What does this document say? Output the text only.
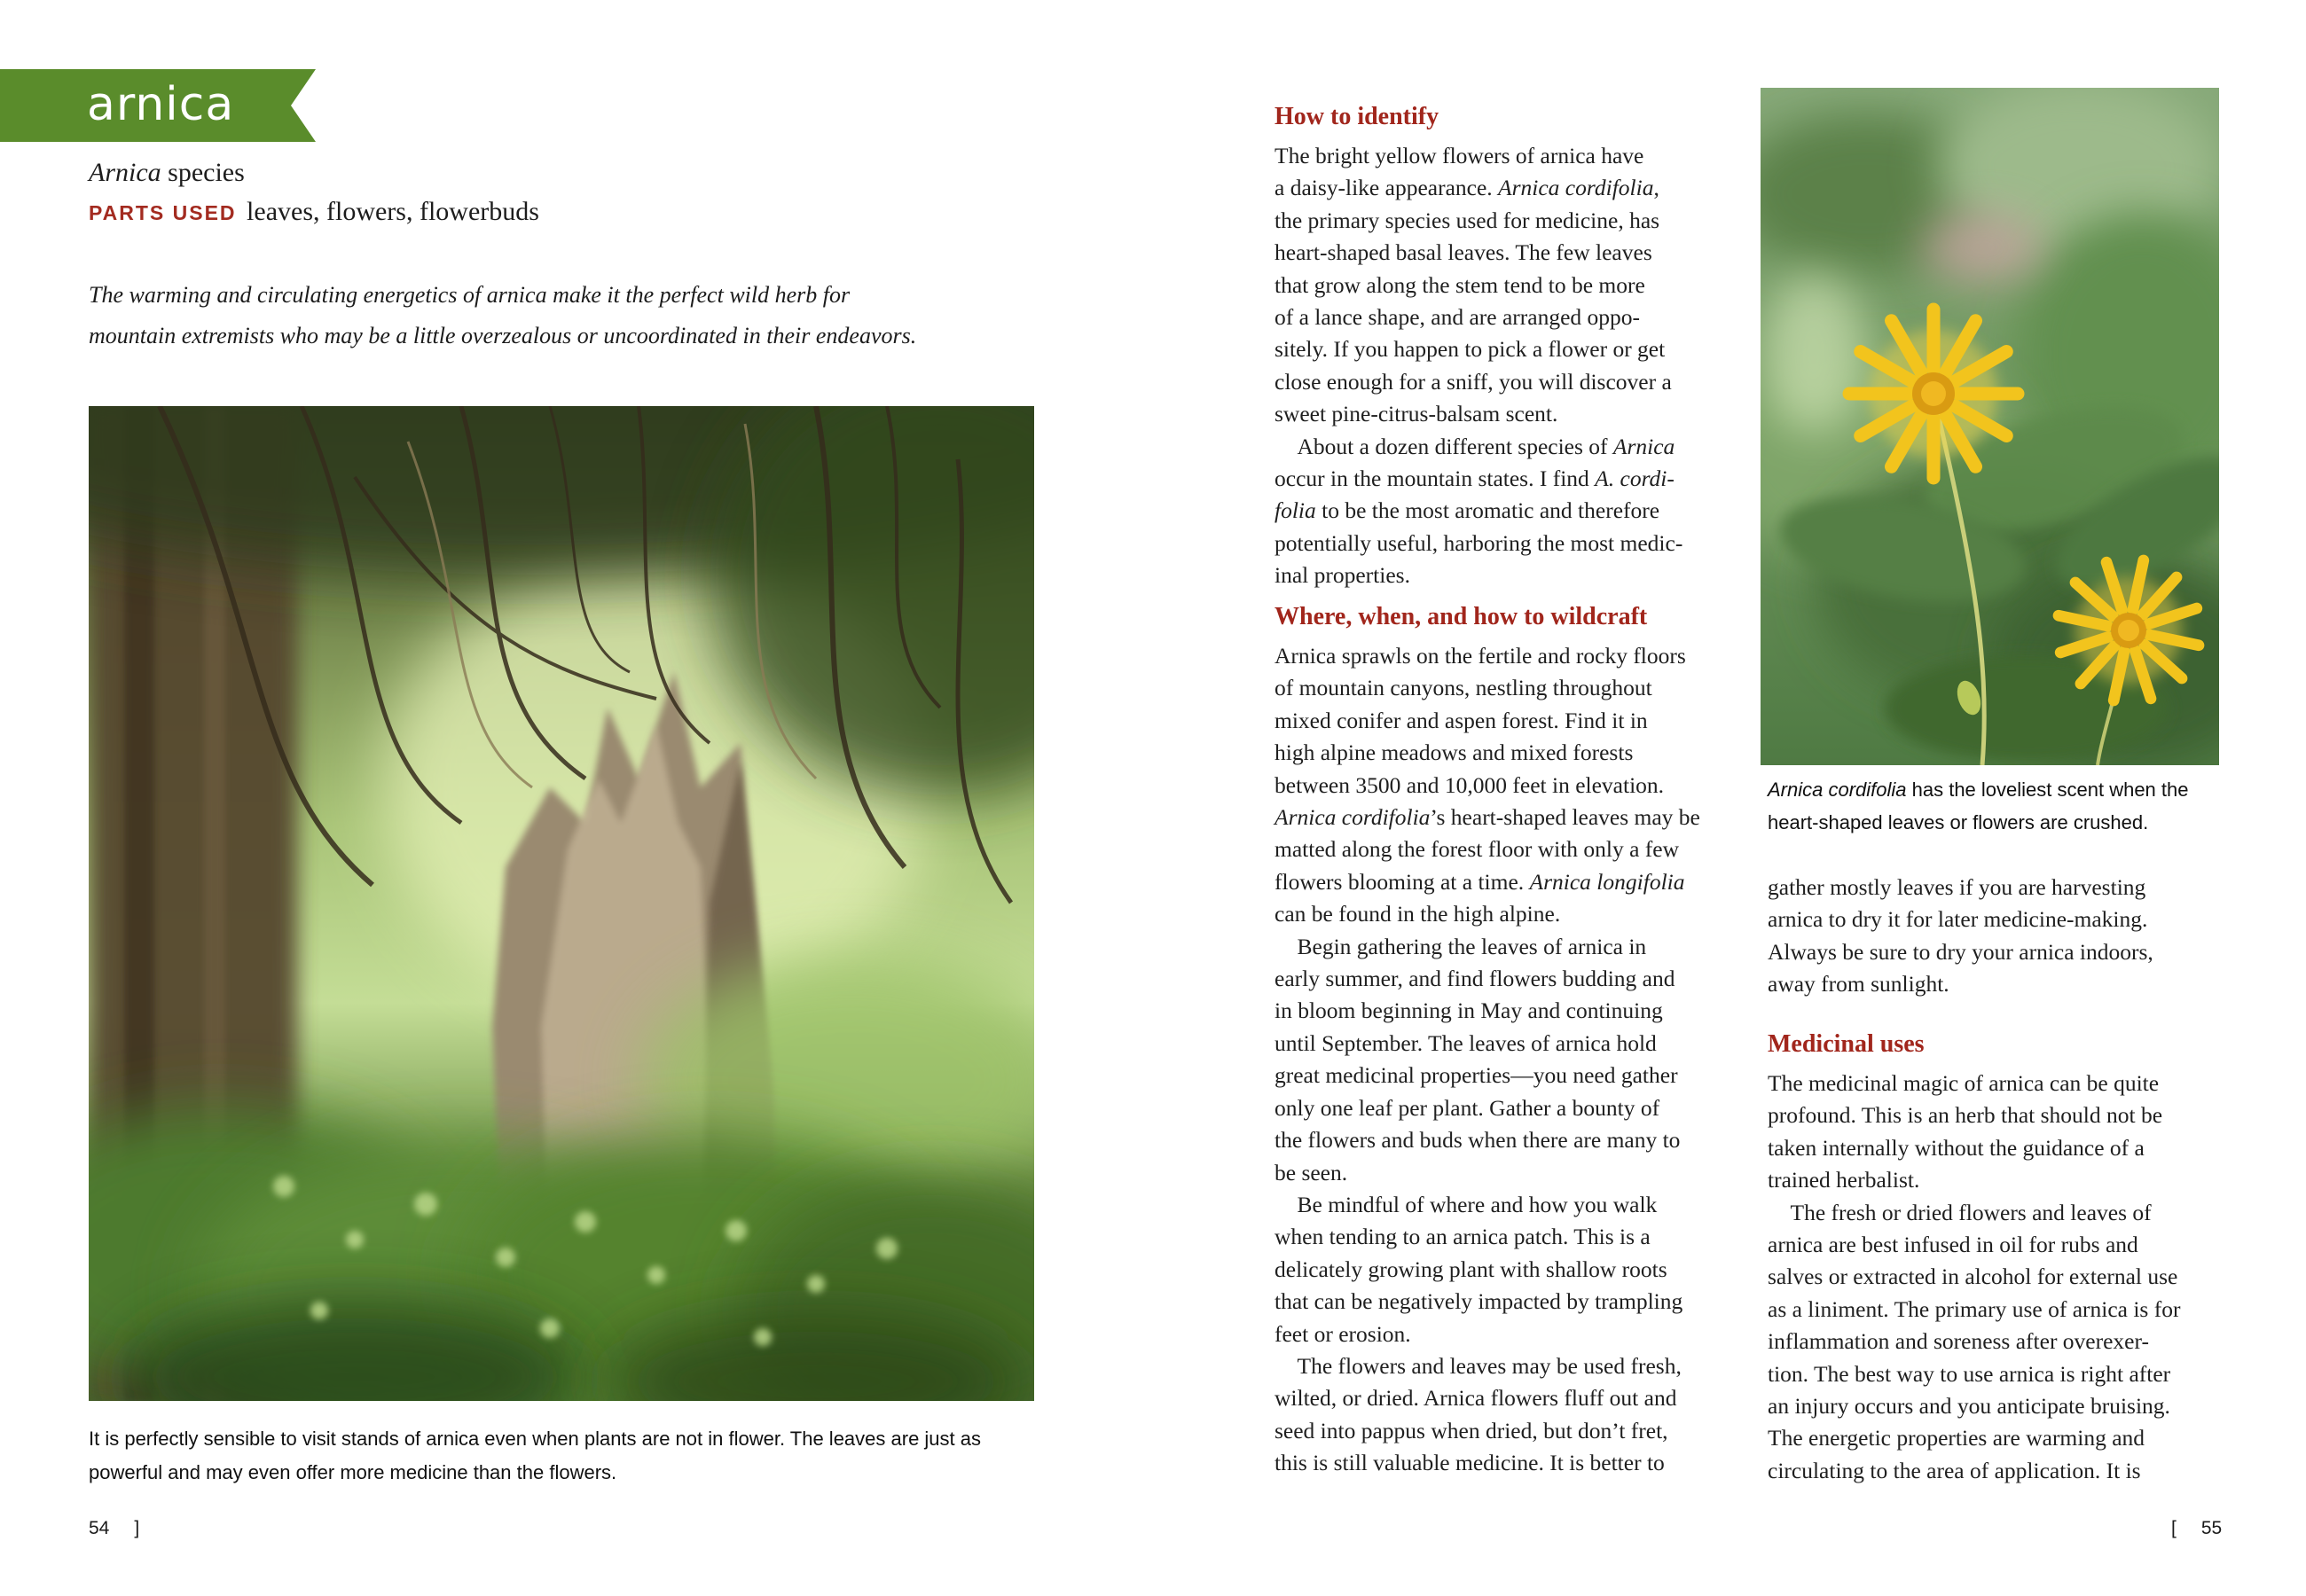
arnica
Arnica species
PARTS USED leaves, flowers, flowerbuds
The warming and circulating energetics of arnica make it the perfect wild herb for
mountain extremists who may be a little overzealous or uncoordinated in their endeavors.
It is perfectly sensible to visit stands of arnica even when plants are not in flower. The leaves are just as
powerful and may even offer more medicine than the flowers.
54 ]
How to identify
The bright yellow flowers of arnica have
a daisy-like appearance. Arnica cordifolia,
the primary species used for medicine, has
heart-shaped basal leaves. The few leaves
that grow along the stem tend to be more
of a lance shape, and are arranged oppo-
sitely. If you happen to pick a flower or get
close enough for a sniff, you will discover a
sweet pine-citrus-balsam scent.
 About a dozen different species of Arnica
occur in the mountain states. I find A. cordi-
folia to be the most aromatic and therefore
potentially useful, harboring the most medic-
inal properties.
Where, when, and how to wildcraft
Arnica sprawls on the fertile and rocky floors
of mountain canyons, nestling throughout
mixed conifer and aspen forest. Find it in
high alpine meadows and mixed forests
between 3500 and 10,000 feet in elevation.
Arnica cordifolia’s heart-shaped leaves may be
matted along the forest floor with only a few
flowers blooming at a time. Arnica longifolia
can be found in the high alpine.
 Begin gathering the leaves of arnica in
early summer, and find flowers budding and
in bloom beginning in May and continuing
until September. The leaves of arnica hold
great medicinal properties—you need gather
only one leaf per plant. Gather a bounty of
the flowers and buds when there are many to
be seen.
 Be mindful of where and how you walk
when tending to an arnica patch. This is a
delicately growing plant with shallow roots
that can be negatively impacted by trampling
feet or erosion.
 The flowers and leaves may be used fresh,
wilted, or dried. Arnica flowers fluff out and
seed into pappus when dried, but don’t fret,
this is still valuable medicine. It is better to
Arnica cordifolia has the loveliest scent when the
heart-shaped leaves or flowers are crushed.
gather mostly leaves if you are harvesting
arnica to dry it for later medicine-making.
Always be sure to dry your arnica indoors,
away from sunlight.
Medicinal uses
The medicinal magic of arnica can be quite
profound. This is an herb that should not be
taken internally without the guidance of a
trained herbalist.
 The fresh or dried flowers and leaves of
arnica are best infused in oil for rubs and
salves or extracted in alcohol for external use
as a liniment. The primary use of arnica is for
inflammation and soreness after overexer-
tion. The best way to use arnica is right after
an injury occurs and you anticipate bruising.
The energetic properties are warming and
circulating to the area of application. It is
[ 55
